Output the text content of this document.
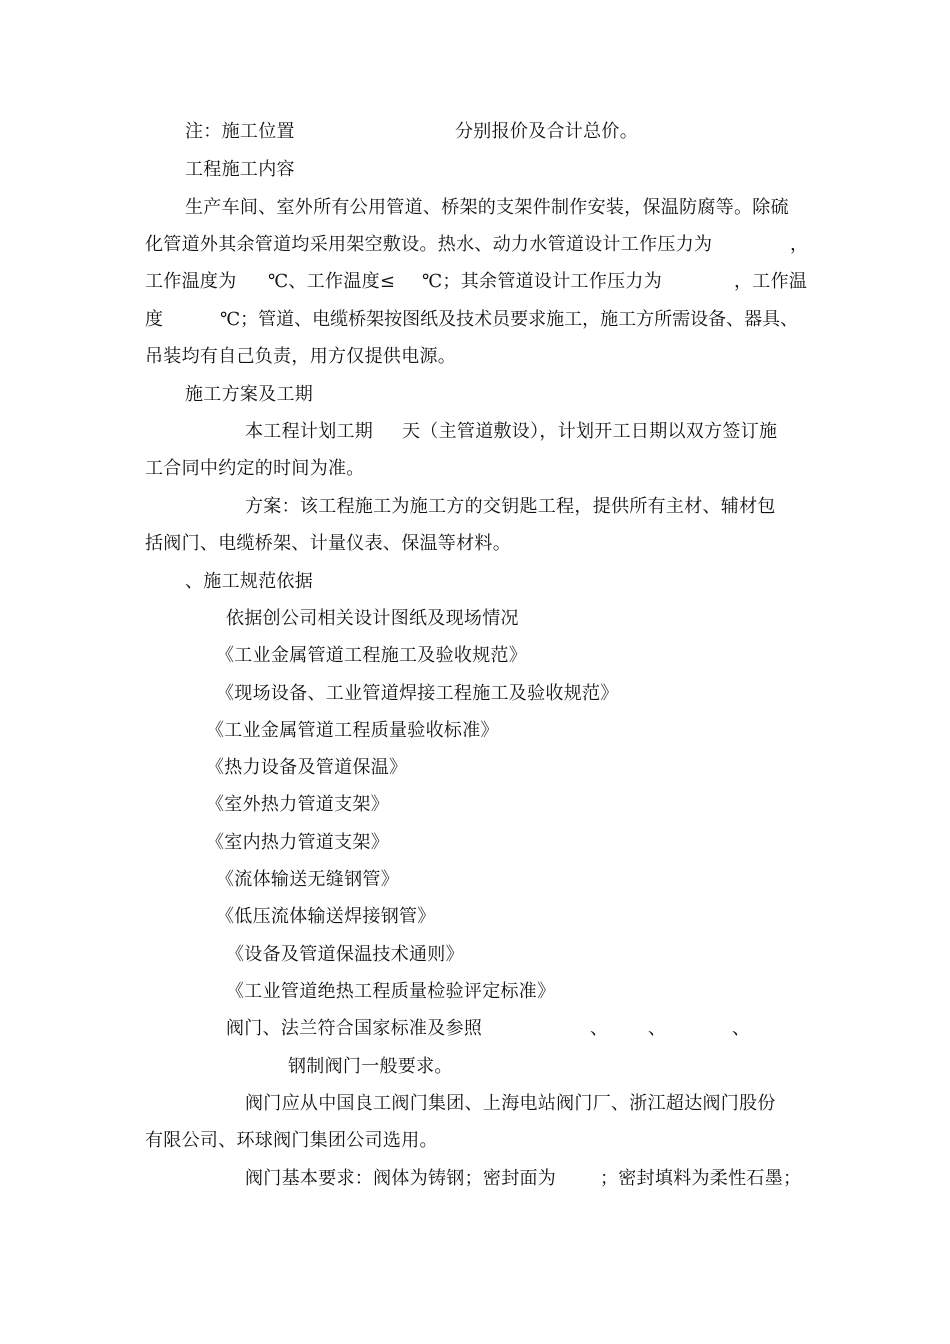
注：施工位置	分别报价及合计总价。
工程施工内容
生产车间、室外所有公用管道、桥架的支架件制作安装，保温防腐等。除硫
化管道外其余管道均采用架空敷设。热水、动力水管道设计工作压力为	，
工作温度为 ℃、工作温度≤ ℃；其余管道设计工作压力为	，工作温
度	℃；管道、电缆桥架按图纸及技术员要求施工，施工方所需设备、器具、
吊装均有自己负责，用方仅提供电源。
施工方案及工期
本工程计划工期 天（主管道敷设），计划开工日期以双方签订施
工合同中约定的时间为准。
方案：该工程施工为施工方的交钥匙工程，提供所有主材、辅材包
括阀门、电缆桥架、计量仪表、保温等材料。
、施工规范依据
依据创公司相关设计图纸及现场情况
《工业金属管道工程施工及验收规范》
《现场设备、工业管道焊接工程施工及验收规范》
《工业金属管道工程质量验收标准》
《热力设备及管道保温》
《室外热力管道支架》
《室内热力管道支架》
《流体输送无缝钢管》
《低压流体输送焊接钢管》
《设备及管道保温技术通则》
《工业管道绝热工程质量检验评定标准》
阀门、法兰符合国家标准及参照	、 、	、
钢制阀门一般要求。
阀门应从中国良工阀门集团、上海电站阀门厂、浙江超达阀门股份
有限公司、环球阀门集团公司选用。
阀门基本要求：阀体为铸钢；密封面为 ；密封填料为柔性石墨；
